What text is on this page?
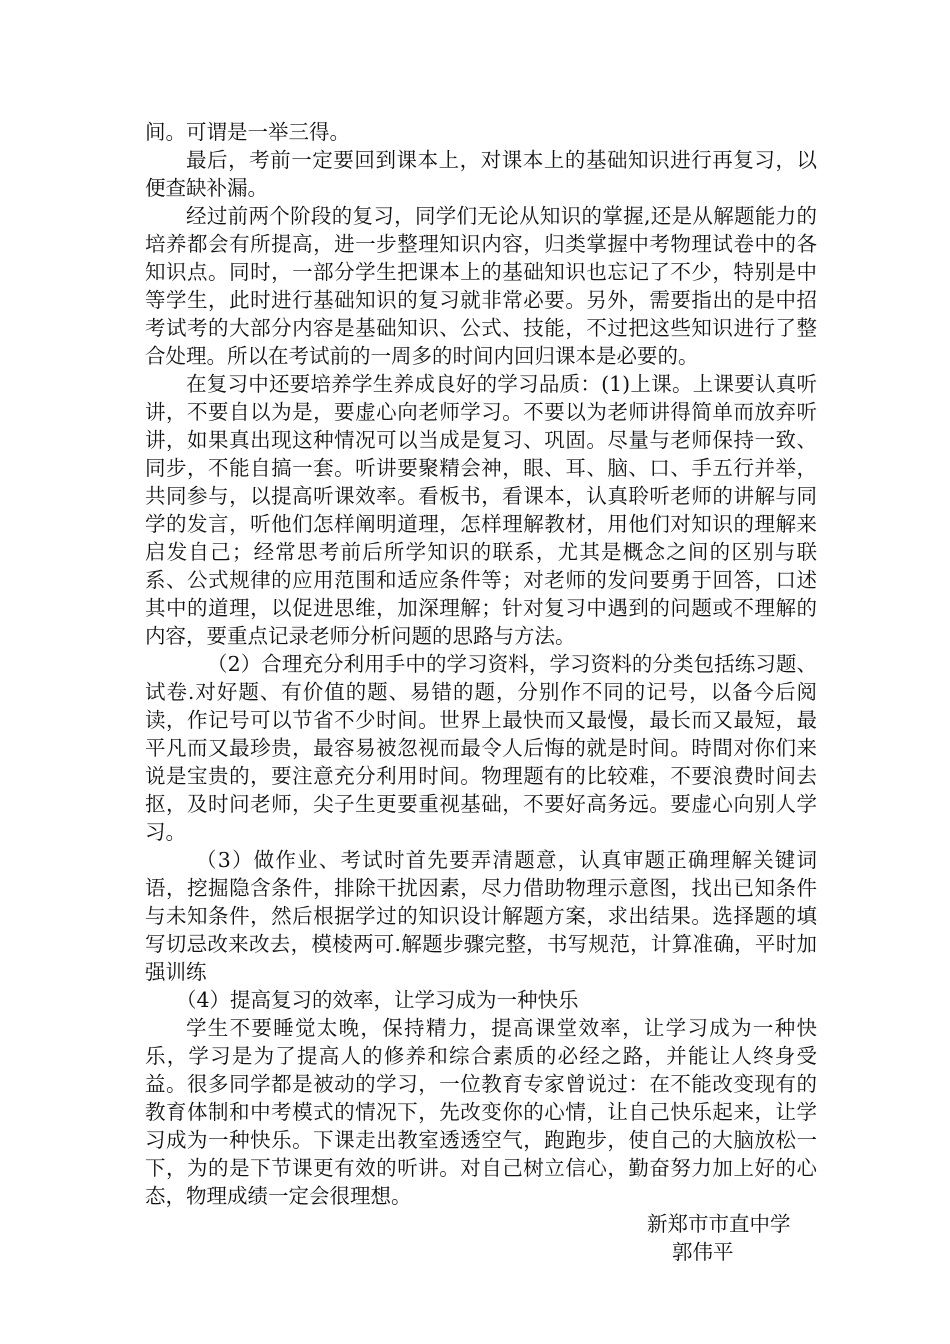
间。可谓是一举三得。

最后，考前一定要回到课本上，对课本上的基础知识进行再复习，以便查缺补漏。

经过前两个阶段的复习，同学们无论从知识的掌握,还是从解题能力的培养都会有所提高，进一步整理知识内容，归类掌握中考物理试卷中的各知识点。同时，一部分学生把课本上的基础知识也忘记了不少，特别是中等学生，此时进行基础知识的复习就非常必要。另外，需要指出的是中招考试考的大部分内容是基础知识、公式、技能，不过把这些知识进行了整合处理。所以在考试前的一周多的时间内回归课本是必要的。

在复习中还要培养学生养成良好的学习品质：(1)上课。上课要认真听讲，不要自以为是，要虚心向老师学习。不要以为老师讲得简单而放弃听讲，如果真出现这种情况可以当成是复习、巩固。尽量与老师保持一致、同步，不能自搞一套。听讲要聚精会神，眼、耳、脑、口、手五行并举，共同参与，以提高听课效率。看板书，看课本，认真聆听老师的讲解与同学的发言，听他们怎样阐明道理，怎样理解教材，用他们对知识的理解来启发自己；经常思考前后所学知识的联系，尤其是概念之间的区别与联系、公式规律的应用范围和适应条件等；对老师的发问要勇于回答，口述其中的道理，以促进思维，加深理解；针对复习中遇到的问题或不理解的内容，要重点记录老师分析问题的思路与方法。

（2）合理充分利用手中的学习资料，学习资料的分类包括练习题、试卷.对好题、有价值的题、易错的题，分别作不同的记号，以备今后阅读，作记号可以节省不少时间。世界上最快而又最慢，最长而又最短，最平凡而又最珍贵，最容易被忽视而最令人后悔的就是时间。時間对你们来说是宝贵的，要注意充分利用时间。物理题有的比较难，不要浪费时间去抠，及时问老师，尖子生更要重视基础，不要好高务远。要虚心向别人学习。

（3）做作业、考试时首先要弄清题意，认真审题正确理解关键词语，挖掘隐含条件，排除干扰因素，尽力借助物理示意图，找出已知条件与未知条件，然后根据学过的知识设计解题方案，求出结果。选择题的填写切忌改来改去，模棱两可.解题步骤完整，书写规范，计算准确，平时加强训练

（4）提高复习的效率，让学习成为一种快乐

学生不要睡觉太晚，保持精力，提高课堂效率，让学习成为一种快乐，学习是为了提高人的修养和综合素质的必经之路，并能让人终身受益。很多同学都是被动的学习，一位教育专家曾说过：在不能改变现有的教育体制和中考模式的情况下，先改变你的心情，让自己快乐起来，让学习成为一种快乐。下课走出教室透透空气，跑跑步，使自己的大脑放松一下，为的是下节课更有效的听讲。对自己树立信心，勤奋努力加上好的心态，物理成绩一定会很理想。

新郑市市直中学

郭伟平
